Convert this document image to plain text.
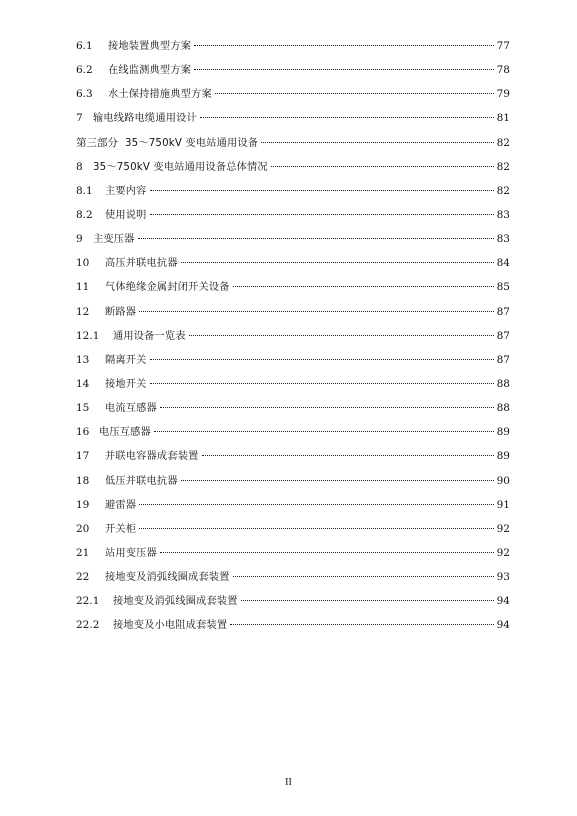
6.1	接地装置典型方案	77
6.2	在线监测典型方案	78
6.3	水土保持措施典型方案	79
7	输电线路电缆通用设计	81
第三部分 35～750kV 变电站通用设备	82
8	35～750kV 变电站通用设备总体情况	82
8.1	主要内容	82
8.2	使用说明	83
9	主变压器	83
10	高压并联电抗器	84
11	气体绝缘金属封闭开关设备	85
12	断路器	87
12.1	通用设备一览表	87
13	隔离开关	87
14	接地开关	88
15	电流互感器	88
16 电压互感器	89
17	并联电容器成套装置	89
18	低压并联电抗器	90
19	避雷器	91
20	开关柜	92
21	站用变压器	92
22	接地变及消弧线圈成套装置	93
22.1	接地变及消弧线圈成套装置	94
22.2	接地变及小电阻成套装置	94
II
